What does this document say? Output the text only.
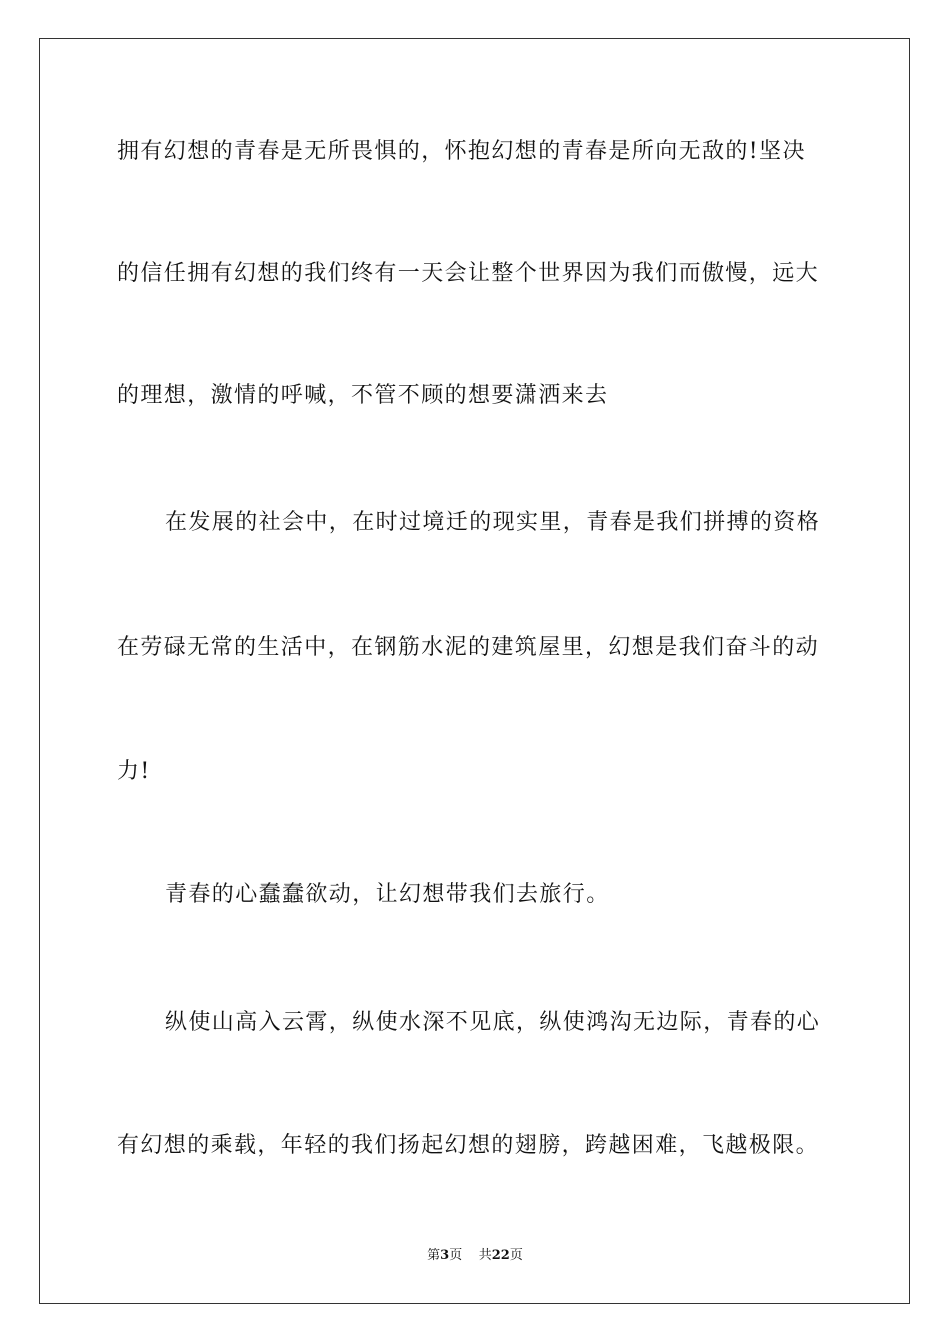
拥有幻想的青春是无所畏惧的，怀抱幻想的青春是所向无敌的!坚决
的信任拥有幻想的我们终有一天会让整个世界因为我们而傲慢，远大
的理想，激情的呼喊，不管不顾的想要潇洒来去
在发展的社会中，在时过境迁的现实里，青春是我们拼搏的资格
在劳碌无常的生活中，在钢筋水泥的建筑屋里，幻想是我们奋斗的动
力!
青春的心蠢蠢欲动，让幻想带我们去旅行。
纵使山高入云霄，纵使水深不见底，纵使鸿沟无边际，青春的心
有幻想的乘载，年轻的我们扬起幻想的翅膀，跨越困难，飞越极限。
第3页 共22页
